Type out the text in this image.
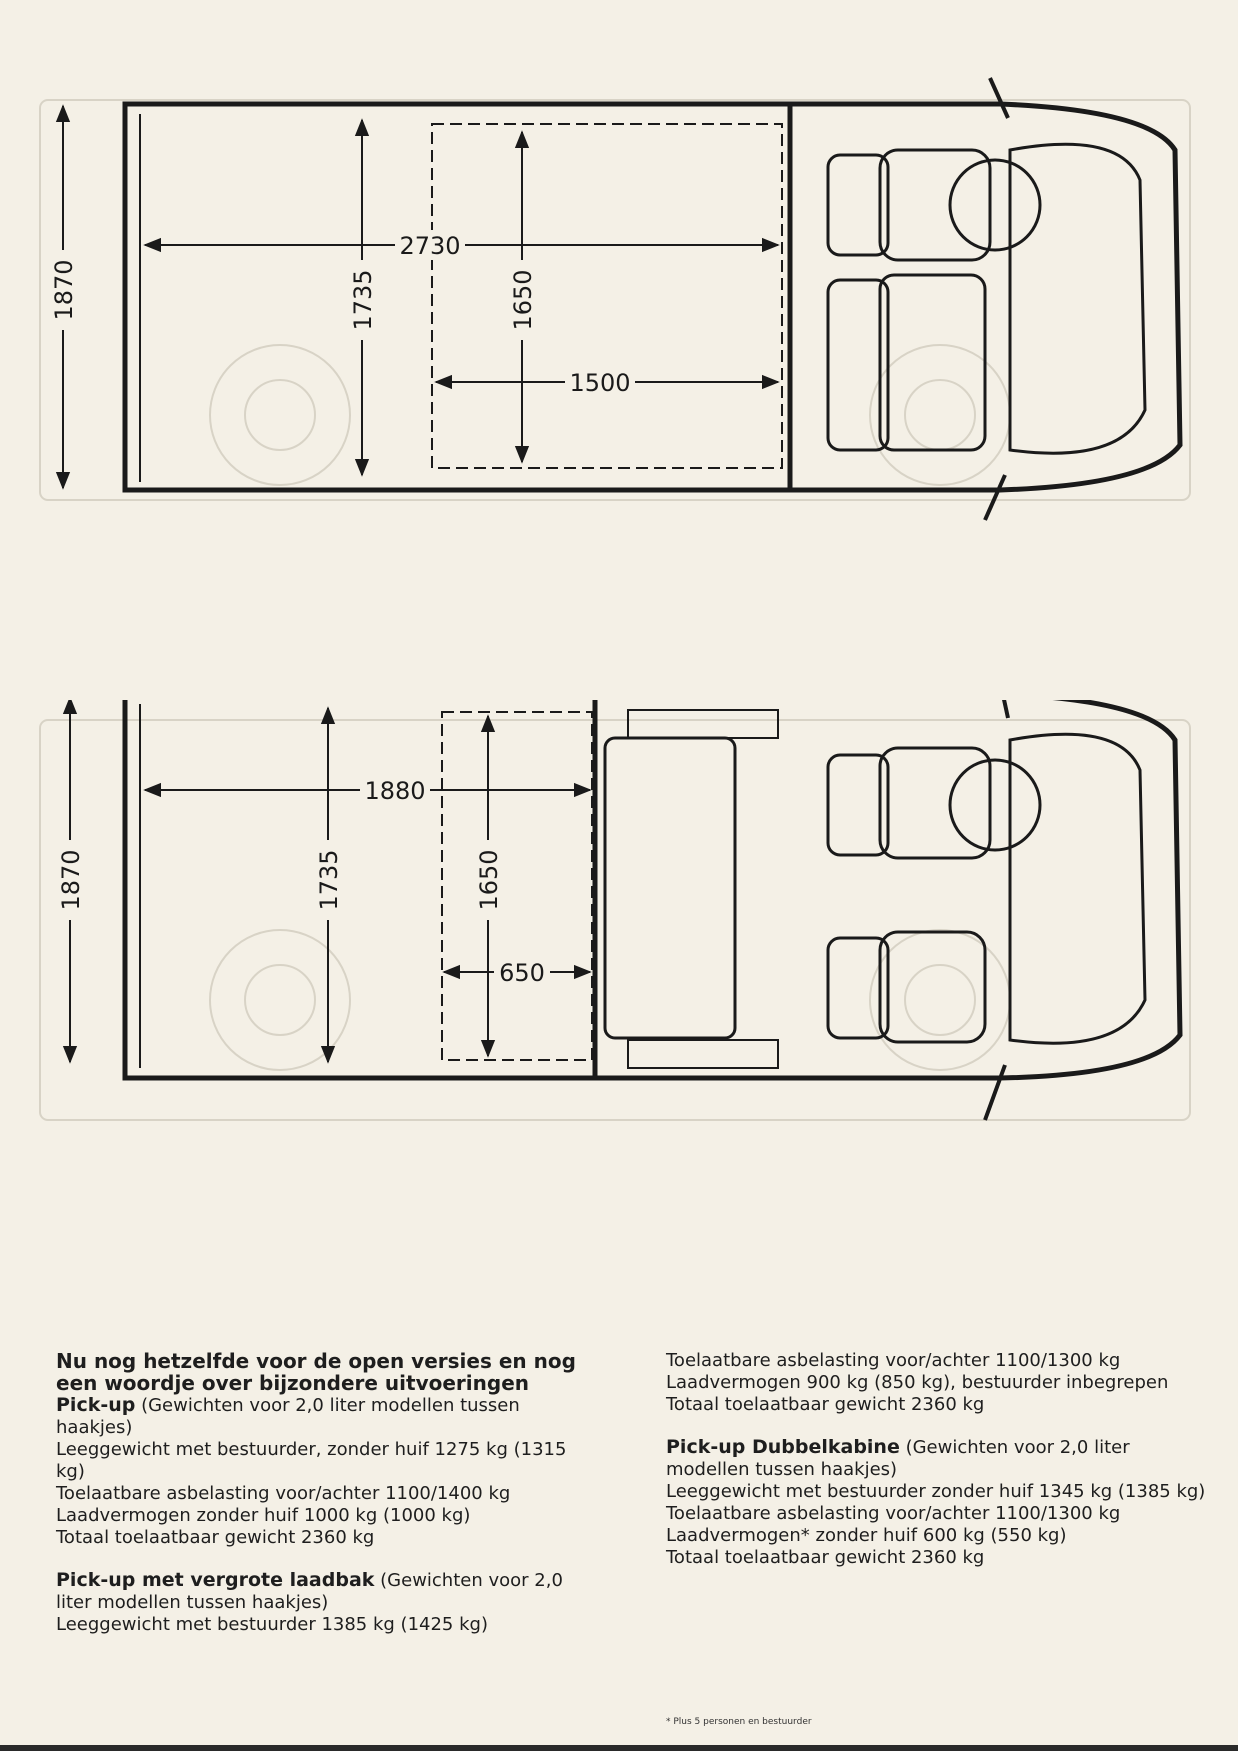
1870	1735	1650
2730
1500
1870	1735	1650
1880
650
Nu nog hetzelfde voor de open versies en nog
een woordje over bijzondere uitvoeringen
Pick-up (Gewichten voor 2,0 liter modellen tussen haakjes)
Leeggewicht met bestuurder, zonder huif 1275 kg (1315 kg)
Toelaatbare asbelasting voor/achter 1100/1400 kg
Laadvermogen zonder huif 1000 kg (1000 kg)
Totaal toelaatbaar gewicht 2360 kg
Pick-up met vergrote laadbak (Gewichten voor 2,0 liter modellen tussen haakjes)
Leeggewicht met bestuurder 1385 kg (1425 kg)
Toelaatbare asbelasting voor/achter 1100/1300 kg
Laadvermogen 900 kg (850 kg), bestuurder inbegrepen
Totaal toelaatbaar gewicht 2360 kg
Pick-up Dubbelkabine (Gewichten voor 2,0 liter modellen tussen haakjes)
Leeggewicht met bestuurder zonder huif 1345 kg (1385 kg)
Toelaatbare asbelasting voor/achter 1100/1300 kg
Laadvermogen* zonder huif 600 kg (550 kg)
Totaal toelaatbaar gewicht 2360 kg
* Plus 5 personen en bestuurder
